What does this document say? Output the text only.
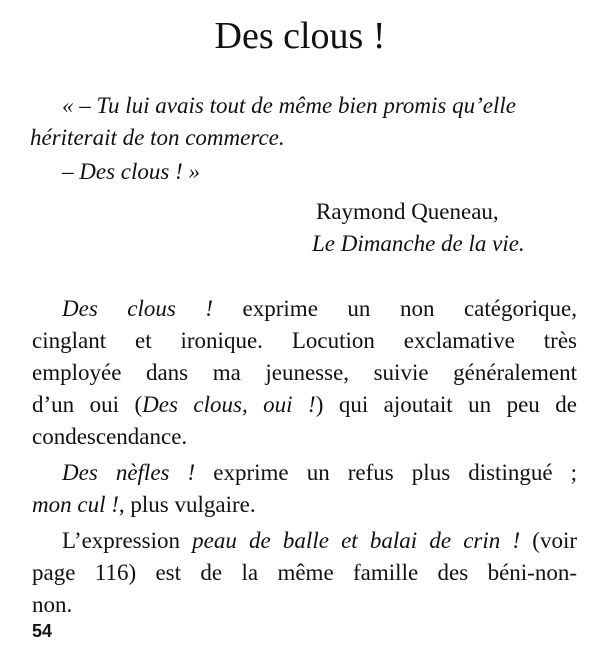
Des clous !
« – Tu lui avais tout de même bien promis qu’elle
hériterait de ton commerce.
– Des clous ! »
Raymond Queneau,
Le Dimanche de la vie.
Des clous ! exprime un non catégorique,
cinglant et ironique. Locution exclamative très
employée dans ma jeunesse, suivie généralement
d’un oui (Des clous, oui !) qui ajoutait un peu de
condescendance.
Des nèfles ! exprime un refus plus distingué ;
mon cul !, plus vulgaire.
L’expression peau de balle et balai de crin ! (voir
page 116) est de la même famille des béni-non-
non.
54
